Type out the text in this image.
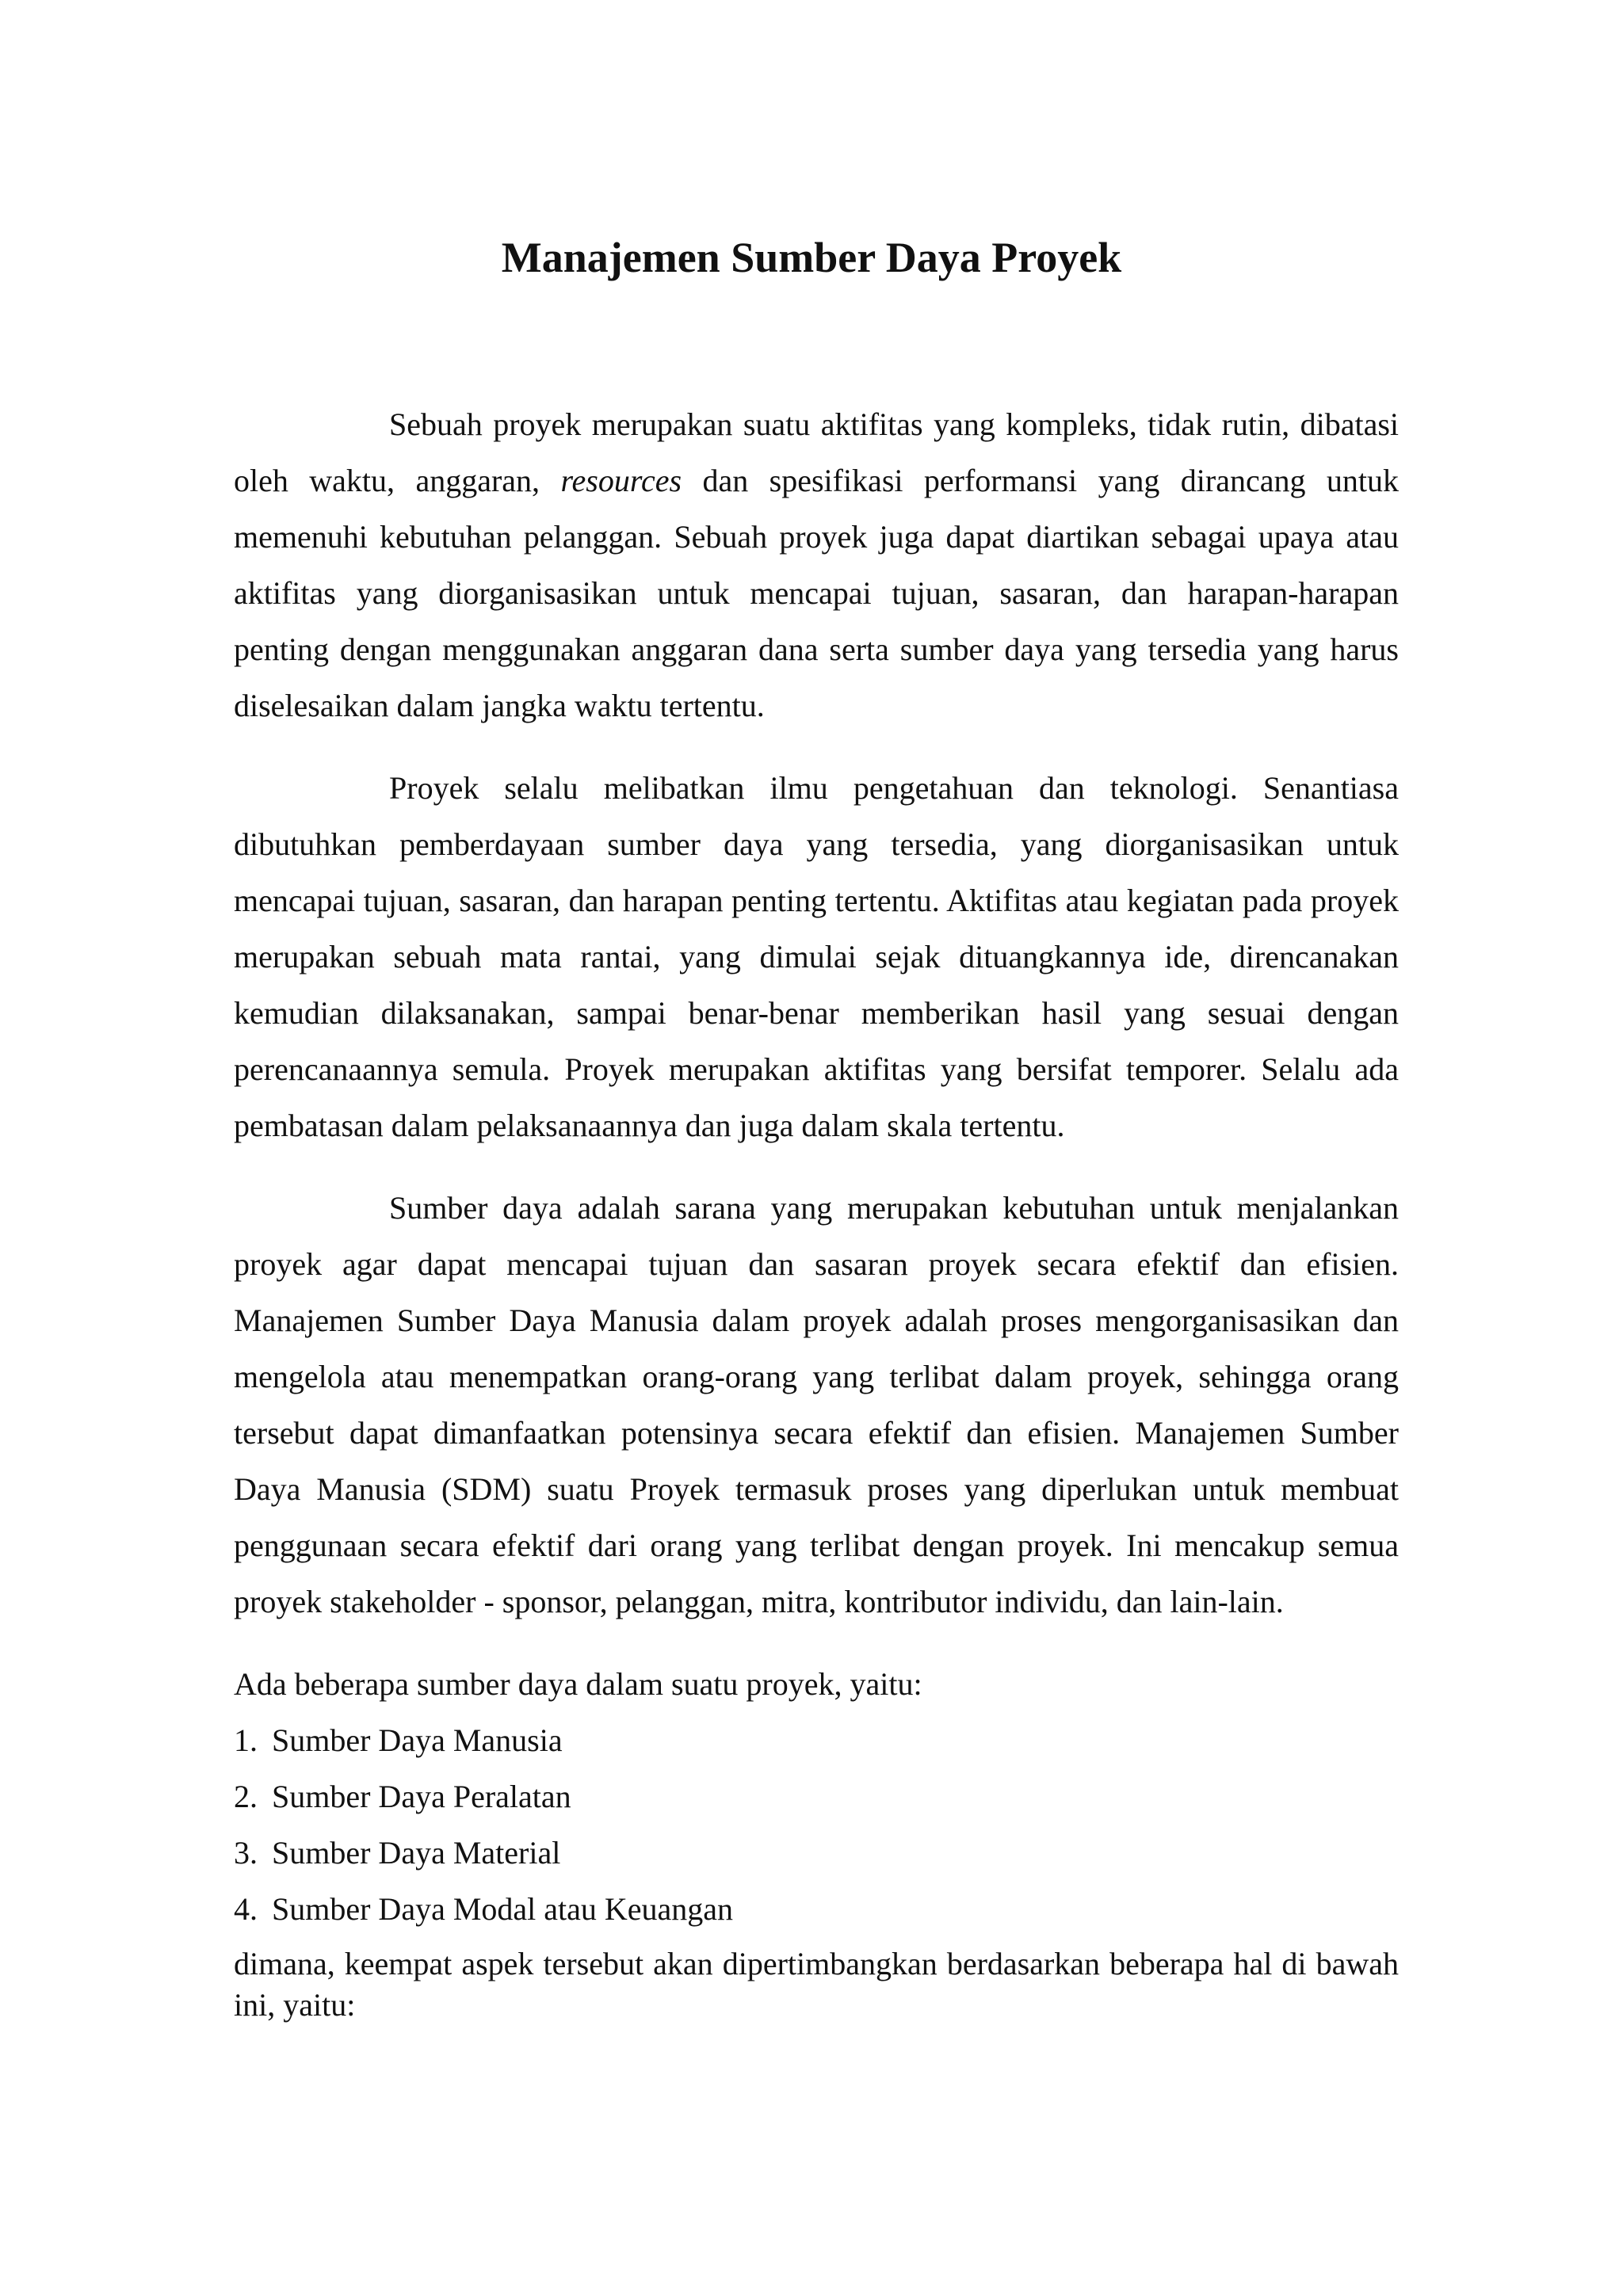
Manajemen Sumber Daya Proyek

Sebuah proyek merupakan suatu aktifitas yang kompleks, tidak rutin, dibatasi oleh waktu, anggaran, resources dan spesifikasi performansi yang dirancang untuk memenuhi kebutuhan pelanggan. Sebuah proyek juga dapat diartikan sebagai upaya atau aktifitas yang diorganisasikan untuk mencapai tujuan, sasaran, dan harapan-harapan penting dengan menggunakan anggaran dana serta sumber daya yang tersedia yang harus diselesaikan dalam jangka waktu tertentu.

Proyek selalu melibatkan ilmu pengetahuan dan teknologi. Senantiasa dibutuhkan pemberdayaan sumber daya yang tersedia, yang diorganisasikan untuk mencapai tujuan, sasaran, dan harapan penting tertentu. Aktifitas atau kegiatan pada proyek merupakan sebuah mata rantai, yang dimulai sejak dituangkannya ide, direncanakan kemudian dilaksanakan, sampai benar-benar memberikan hasil yang sesuai dengan perencanaannya semula. Proyek merupakan aktifitas yang bersifat temporer. Selalu ada pembatasan dalam pelaksanaannya dan juga dalam skala tertentu.

Sumber daya adalah sarana yang merupakan kebutuhan untuk menjalankan proyek agar dapat mencapai tujuan dan sasaran proyek secara efektif dan efisien. Manajemen Sumber Daya Manusia dalam proyek adalah proses mengorganisasikan dan mengelola atau menempatkan orang-orang yang terlibat dalam proyek, sehingga orang tersebut dapat dimanfaatkan potensinya secara efektif dan efisien. Manajemen Sumber Daya Manusia (SDM) suatu Proyek termasuk proses yang diperlukan untuk membuat penggunaan secara efektif dari orang yang terlibat dengan proyek. Ini mencakup semua proyek stakeholder - sponsor, pelanggan, mitra, kontributor individu, dan lain-lain.

Ada beberapa sumber daya dalam suatu proyek, yaitu:

1. Sumber Daya Manusia
2. Sumber Daya Peralatan
3. Sumber Daya Material
4. Sumber Daya Modal atau Keuangan

dimana, keempat aspek tersebut akan dipertimbangkan berdasarkan beberapa hal di bawah ini, yaitu:
